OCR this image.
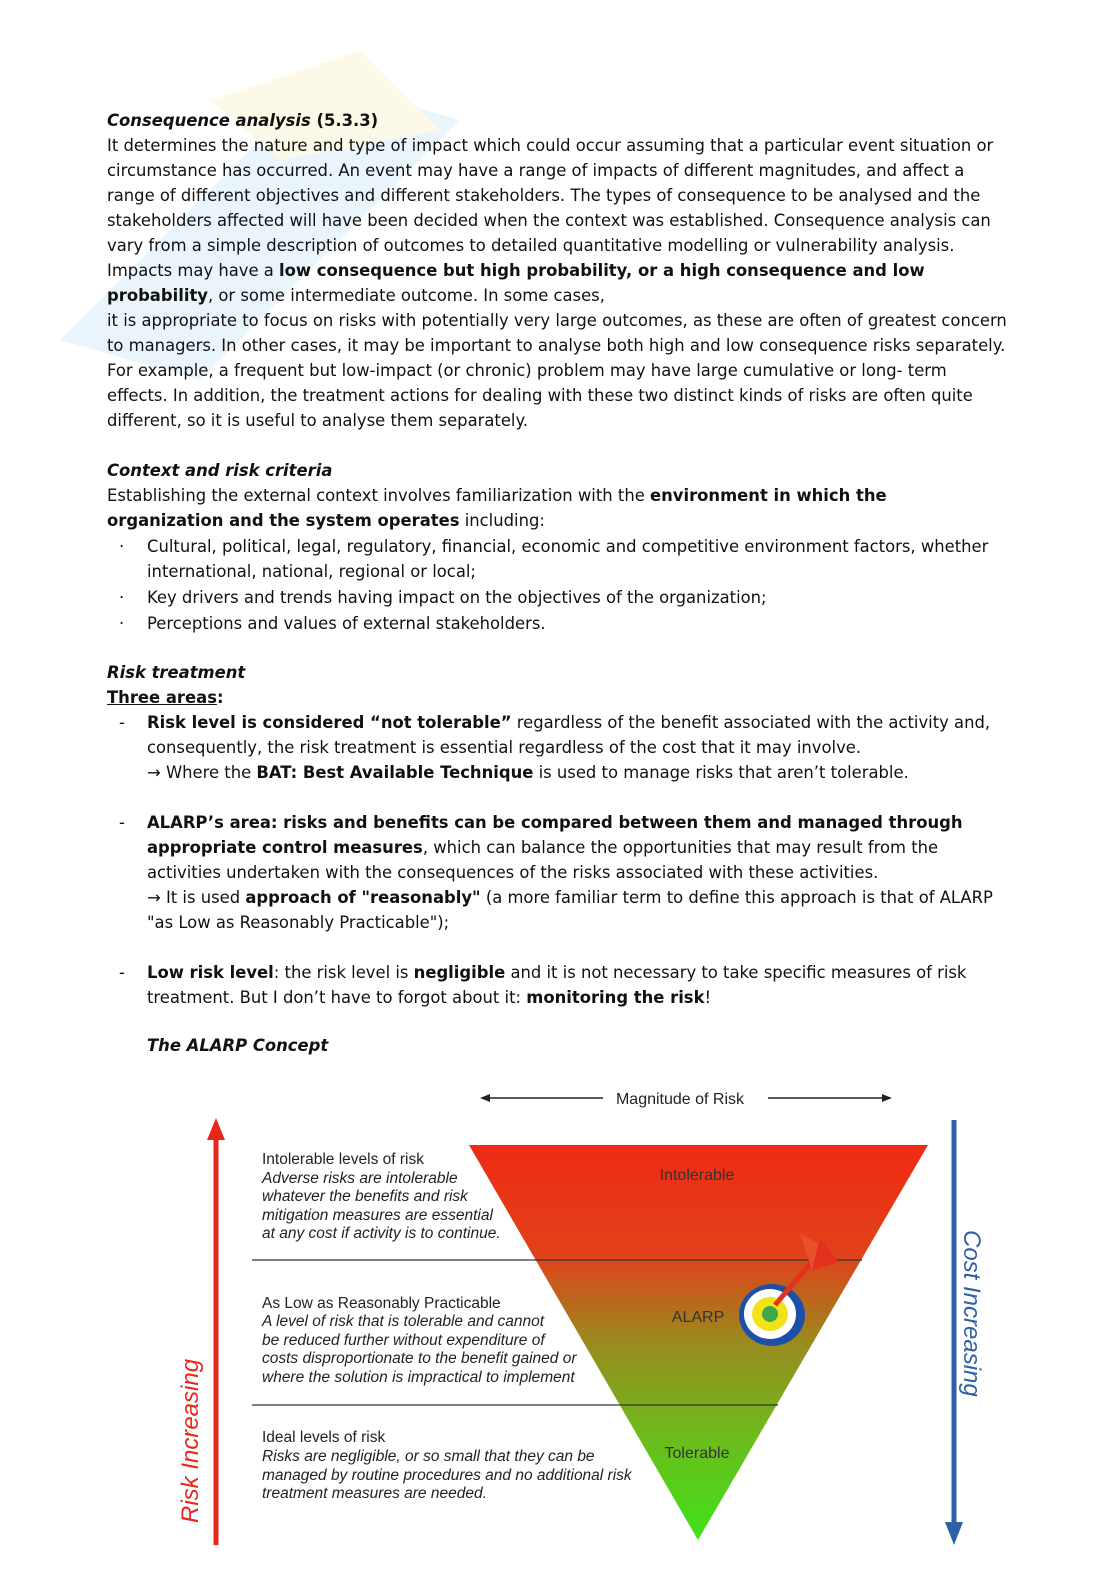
Consequence analysis (5.3.3)

It determines the nature and type of impact which could occur assuming that a particular event situation or circumstance has occurred. An event may have a range of impacts of different magnitudes, and affect a range of different objectives and different stakeholders. The types of consequence to be analysed and the stakeholders affected will have been decided when the context was established. Consequence analysis can vary from a simple description of outcomes to detailed quantitative modelling or vulnerability analysis.

Impacts may have a low consequence but high probability, or a high consequence and low probability, or some intermediate outcome. In some cases,

it is appropriate to focus on risks with potentially very large outcomes, as these are often of greatest concern to managers. In other cases, it may be important to analyse both high and low consequence risks separately. For example, a frequent but low-impact (or chronic) problem may have large cumulative or long- term effects. In addition, the treatment actions for dealing with these two distinct kinds of risks are often quite different, so it is useful to analyse them separately.

Context and risk criteria

Establishing the external context involves familiarization with the environment in which the organization and the system operates including:

· Cultural, political, legal, regulatory, financial, economic and competitive environment factors, whether international, national, regional or local;
· Key drivers and trends having impact on the objectives of the organization;
· Perceptions and values of external stakeholders.
Risk treatment
Three areas:
- Risk level is considered “not tolerable” regardless of the benefit associated with the activity and, consequently, the risk treatment is essential regardless of the cost that it may involve.
→ Where the BAT: Best Available Technique is used to manage risks that aren’t tolerable.
- ALARP’s area: risks and benefits can be compared between them and managed through appropriate control measures, which can balance the opportunities that may result from the activities undertaken with the consequences of the risks associated with these activities.
→ It is used approach of "reasonably" (a more familiar term to define this approach is that of ALARP "as Low as Reasonably Practicable");
- Low risk level: the risk level is negligible and it is not necessary to take specific measures of risk treatment. But I don’t have to forgot about it: monitoring the risk!
The ALARP Concept
Magnitude of Risk
Intolerable
ALARP
Tolerable
Intolerable levels of risk
Adverse risks are intolerable
whatever the benefits and risk
mitigation measures are essential
at any cost if activity is to continue.
As Low as Reasonably Practicable
A level of risk that is tolerable and cannot
be reduced further without expenditure of
costs disproportionate to the benefit gained or
where the solution is impractical to implement
Ideal levels of risk
Risks are negligible, or so small that they can be
managed by routine procedures and no additional risk
treatment measures are needed.
Risk Increasing
Cost Increasing
